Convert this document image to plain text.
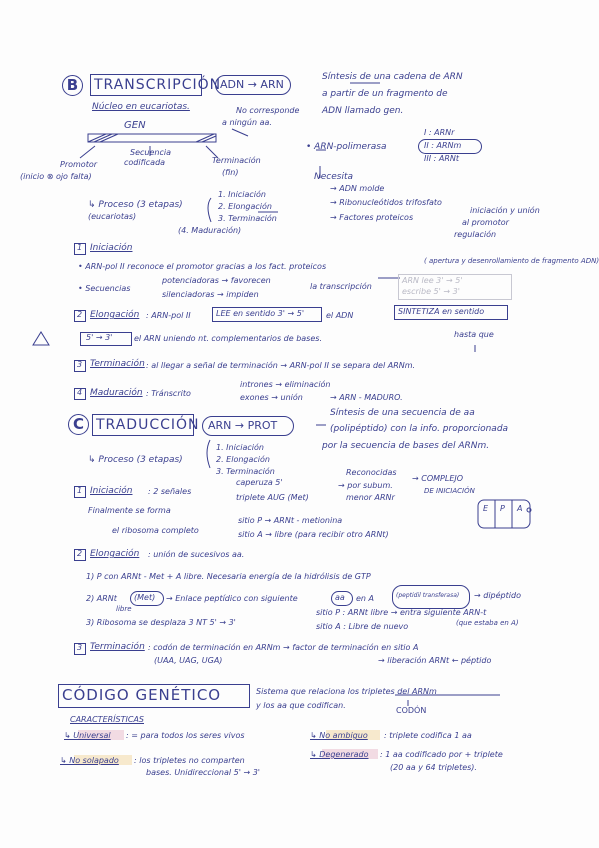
B	TRANSCRIPCIÓN
ADN → ARN
Síntesis de una cadena de ARN
a partir de un fragmento de
ADN llamado gen.
Núcleo en eucariotas.	No corresponde
a ningún aa.
GEN
Promotor
(inicio ⊗ ojo falta)
Secuencia
codificada	Terminación
(fin)
• ARN-polimerasa
I : ARNr
II : ARNm
III : ARNt
Necesita
→ ADN molde
→ Ribonucleótidos trifosfato
→ Factores proteicos
iniciación y unión
al promotor
regulación
↳ Proceso (3 etapas)
(eucariotas)
1. Iniciación
2. Elongación
3. Terminación
(4. Maduración)
1 Iniciación
• ARN-pol II reconoce el promotor gracias a los fact. proteicos
( apertura y desenrollamiento de fragmento ADN)
• Secuencias
potenciadoras → favorecen
silenciadoras → impiden
la transcripción
ARN lee 3' → 5'
escribe 5' → 3'
2 Elongación : ARN-pol II	LEE en sentido 3' → 5'	el ADN	SINTETIZA en sentido
5' → 3'	el ARN uniendo nt. complementarios de bases.	hasta que
3 Terminación : al llegar a señal de terminación → ARN-pol II se separa del ARNm.
4 Maduración : Tránscrito
intrones → eliminación
exones → unión	→ ARN - MADURO.
C TRADUCCIÓN ARN → PROT
Síntesis de una secuencia de aa
(polipéptido) con la info. proporcionada
por la secuencia de bases del ARNm.
↳ Proceso (3 etapas)
1. Iniciación
2. Elongación
3. Terminación
1 Iniciación : 2 señales
caperuza 5'
triplete AUG (Met)
Reconocidas
→ por subum.
menor ARNr
→ COMPLEJO
DE INICIACIÓN
E P A
Finalmente se forma
el ribosoma completo
sitio P → ARNt - metionina
sitio A → libre (para recibir otro ARNt)
2 Elongación : unión de sucesivos aa.
1) P con ARNt - Met + A libre. Necesaria energía de la hidrólisis de GTP
2) ARNt (Met) → Enlace peptídico con siguiente	aa en A	(peptidil transferasa) → dipéptido
libre
3) Ribosoma se desplaza 3 NT 5' → 3'
sitio P : ARNt libre → entra siguiente ARN-t
sitio A : Libre de nuevo	(que estaba en A)
3 Terminación : codón de terminación en ARNm → factor de terminación en sitio A
(UAA, UAG, UGA)	→ liberación ARNt ← péptido
CÓDIGO GENÉTICO	Sistema que relaciona los tripletes del ARNm
y los aa que codifican.
CODÓN
CARACTERÍSTICAS
↳ Universal : = para todos los seres vivos	↳ No ambiguo : triplete codifica 1 aa
↳ No solapado : los tripletes no comparten
bases. Unidireccional 5' → 3'
↳ Degenerado : 1 aa codificado por + triplete
(20 aa y 64 tripletes).
